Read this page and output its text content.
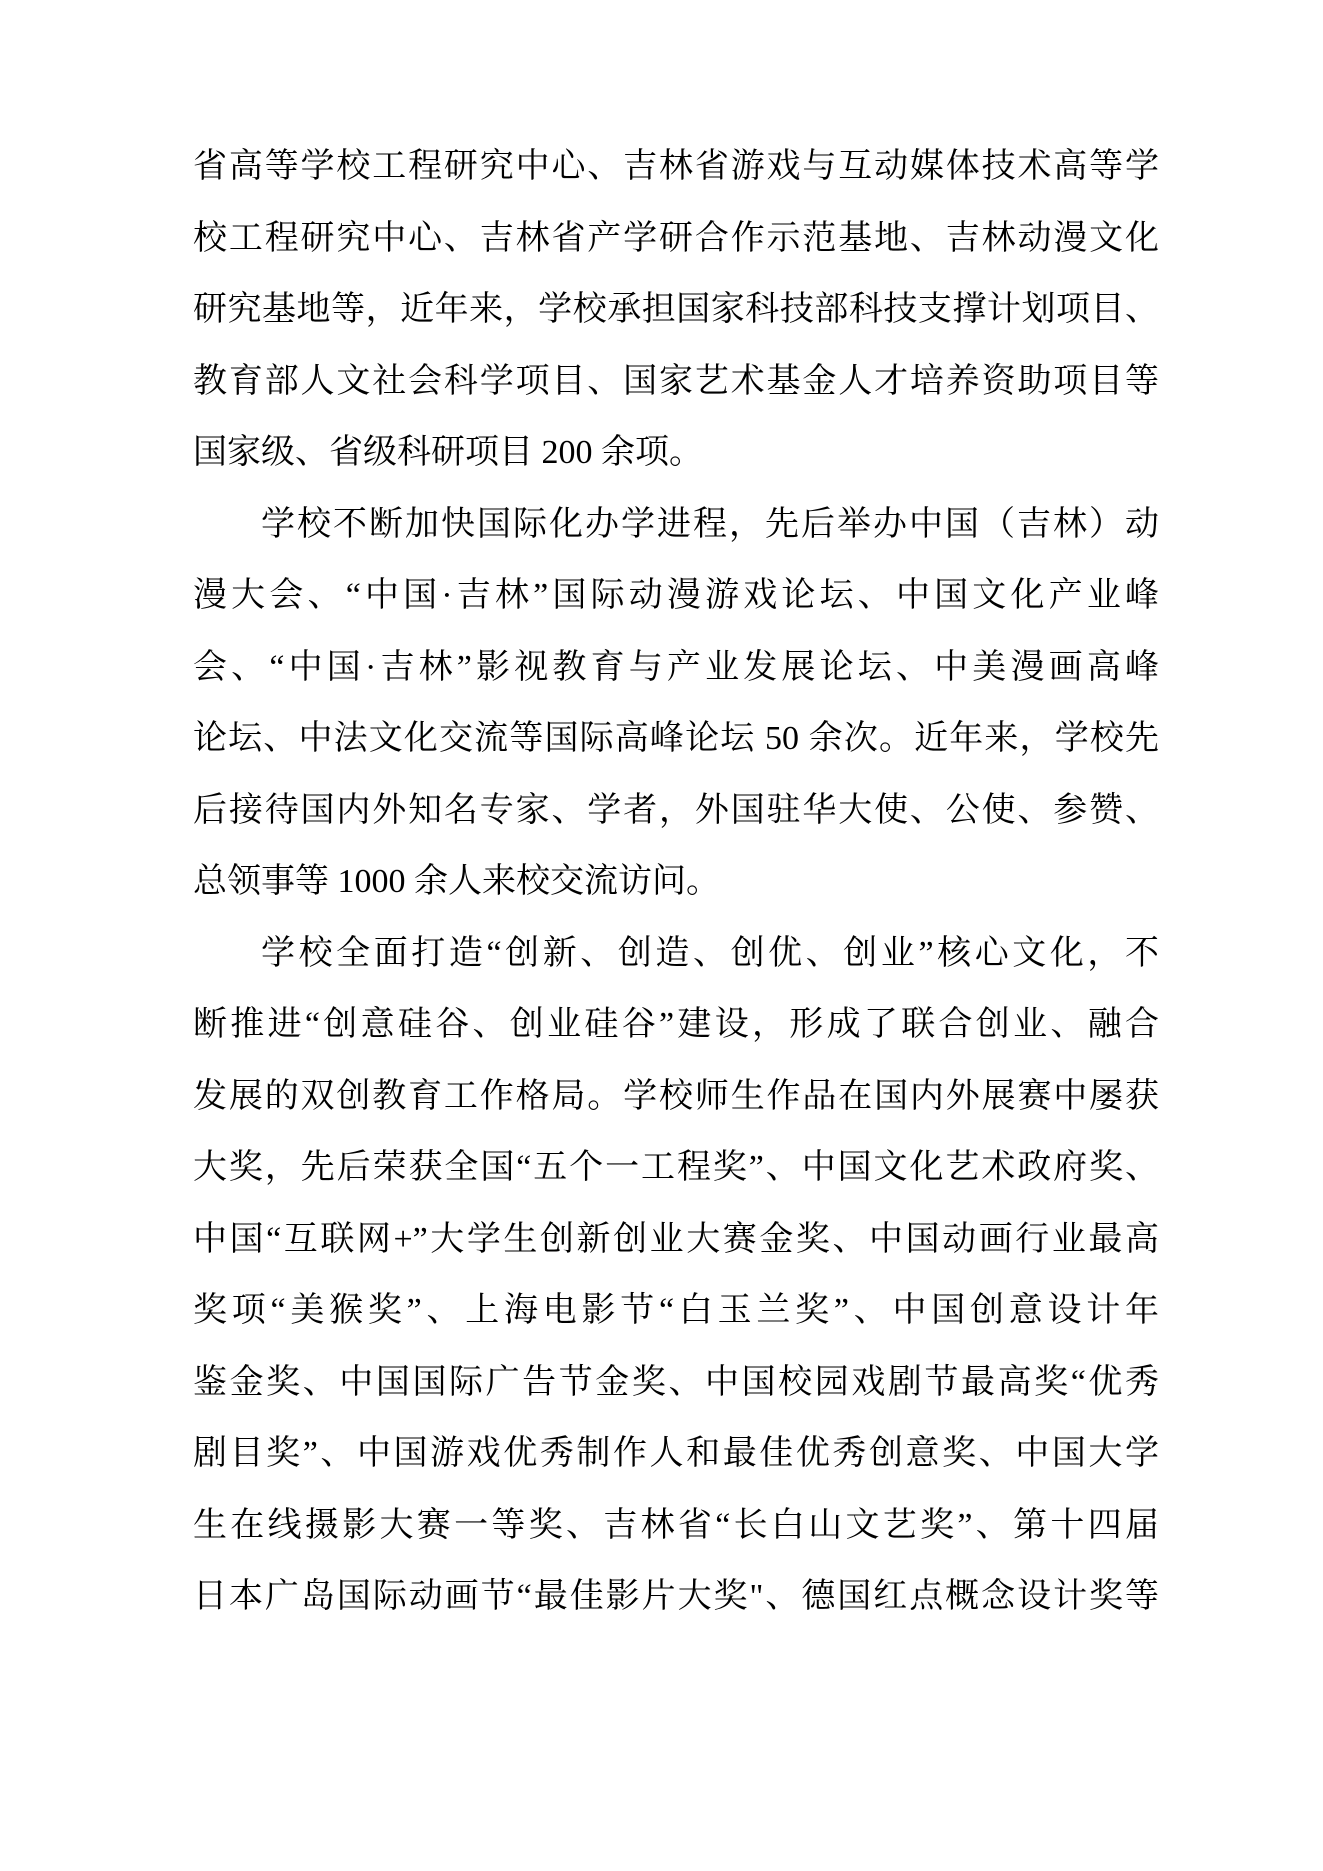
省高等学校工程研究中心、吉林省游戏与互动媒体技术高等学
校工程研究中心、吉林省产学研合作示范基地、吉林动漫文化
研究基地等，近年来，学校承担国家科技部科技支撑计划项目、
教育部人文社会科学项目、国家艺术基金人才培养资助项目等
国家级、省级科研项目 200 余项。
学校不断加快国际化办学进程，先后举办中国（吉林）动
漫大会、“中国·吉林”国际动漫游戏论坛、中国文化产业峰
会、“中国·吉林”影视教育与产业发展论坛、中美漫画高峰
论坛、中法文化交流等国际高峰论坛 50 余次。近年来，学校先
后接待国内外知名专家、学者，外国驻华大使、公使、参赞、
总领事等 1000 余人来校交流访问。
学校全面打造“创新、创造、创优、创业”核心文化，不
断推进“创意硅谷、创业硅谷”建设，形成了联合创业、融合
发展的双创教育工作格局。学校师生作品在国内外展赛中屡获
大奖，先后荣获全国“五个一工程奖”、中国文化艺术政府奖、
中国“互联网+”大学生创新创业大赛金奖、中国动画行业最高
奖项“美猴奖”、上海电影节“白玉兰奖”、中国创意设计年
鉴金奖、中国国际广告节金奖、中国校园戏剧节最高奖“优秀
剧目奖”、中国游戏优秀制作人和最佳优秀创意奖、中国大学
生在线摄影大赛一等奖、吉林省“长白山文艺奖”、第十四届
日本广岛国际动画节“最佳影片大奖"、德国红点概念设计奖等
